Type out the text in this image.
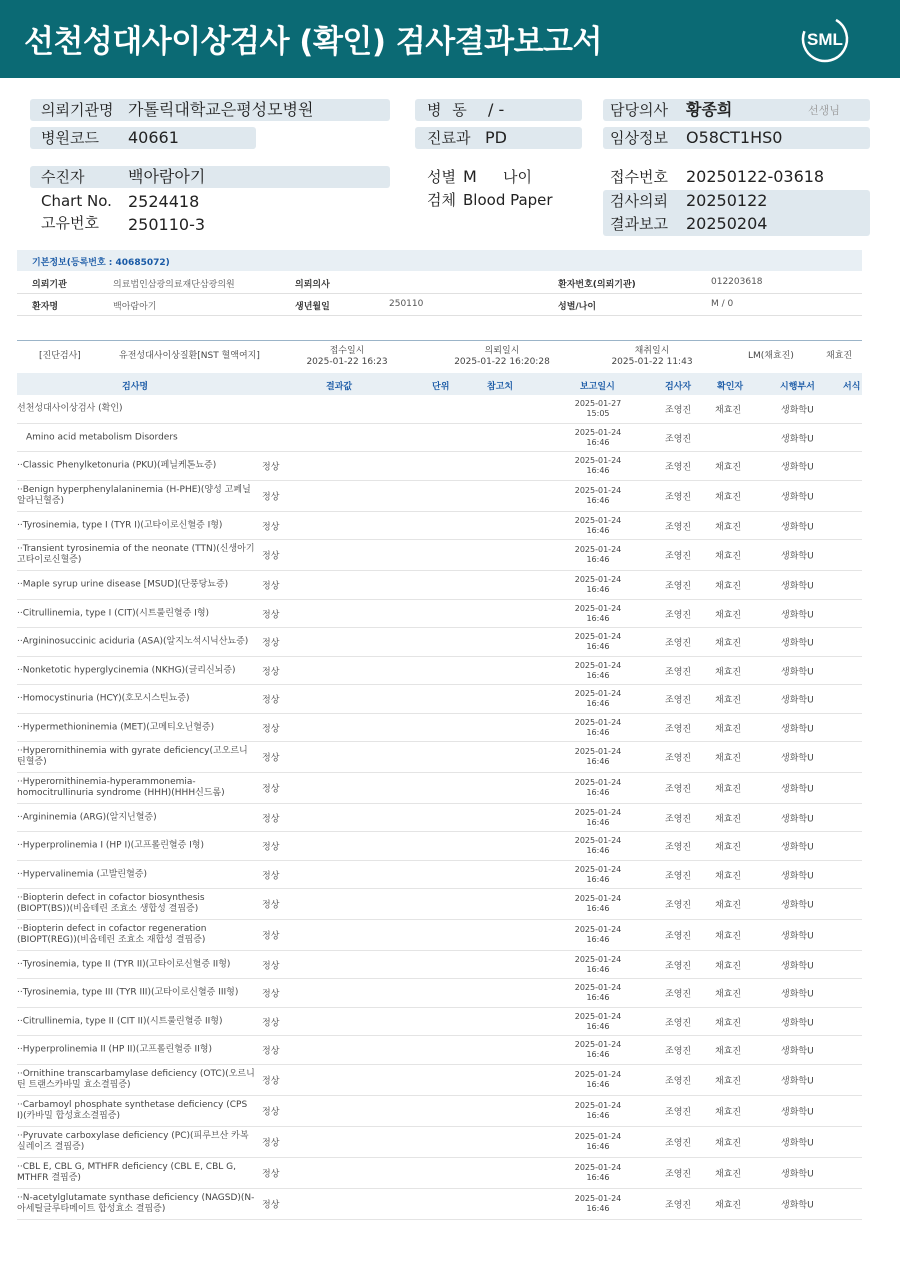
선천성대사이상검사 (확인) 검사결과보고서	SML
의뢰기관명 가톨릭대학교은평성모병원
병원코드 40661
병 동 / -
진료과 PD
담당의사 황종희	선생님
임상정보 O58CT1HS0
수진자	백아람아기
Chart No. 2524418
고유번호 250110-3
성별 M 나이
검체 Blood Paper
접수번호 20250122-03618
검사의뢰 20250122
결과보고 20250204
기본정보(등록번호 : 40685072)
의뢰기관	의료법인삼광의료재단삼광의원	의뢰의사	환자번호(의뢰기관)	012203618
환자명	백아람아기	생년월일	250110	성별/나이	M / 0
[진단검사]	유전성대사이상질환[NST 혈액여지]	접수일시
2025-01-22 16:23
의뢰일시
2025-01-22 16:20:28
채취일시
2025-01-22 11:43
LM(채효진)	채효진
검사명	결과값	단위	참고치	보고일시	검사자	확인자	시행부서	서식
선천성대사이상검사 (확인)	2025-01-27
15:05	조영진	채효진	생화학U
Amino acid metabolism Disorders	2025-01-24
16:46	조영진	생화학U
··Classic Phenylketonuria (PKU)(페닐케톤뇨증)	정상
2025-01-24
16:46	조영진	채효진	생화학U
··Benign hyperphenylalaninemia (H-PHE)(양성 고페닐알라닌혈증)	정상
2025-01-24
16:46	조영진	채효진	생화학U
··Tyrosinemia, type I (TYR I)(고타이로신혈증 I형)	정상
2025-01-24
16:46	조영진	채효진	생화학U
··Transient tyrosinemia of the neonate (TTN)(신생아기 고타이로신혈증)	정상
2025-01-24
16:46	조영진	채효진	생화학U
··Maple syrup urine disease [MSUD](단풍당뇨증)	정상
2025-01-24
16:46	조영진	채효진	생화학U
··Citrullinemia, type I (CIT)(시트룰린혈증 I형)	정상
2025-01-24
16:46	조영진	채효진	생화학U
··Argininosuccinic aciduria (ASA)(알지노석시닉산뇨증)	정상
2025-01-24
16:46	조영진	채효진	생화학U
··Nonketotic hyperglycinemia (NKHG)(글리신뇌증)	정상
2025-01-24
16:46	조영진	채효진	생화학U
··Homocystinuria (HCY)(호모시스틴뇨증)	정상
2025-01-24
16:46	조영진	채효진	생화학U
··Hypermethioninemia (MET)(고메티오닌혈증)	정상
2025-01-24
16:46	조영진	채효진	생화학U
··Hyperornithinemia with gyrate deficiency(고오르니틴혈증)	정상
2025-01-24
16:46	조영진	채효진	생화학U
··Hyperornithinemia-hyperammonemia-homocitrullinuria syndrome (HHH)(HHH신드롬)	정상
2025-01-24
16:46	조영진	채효진	생화학U
··Argininemia (ARG)(알지닌혈증)	정상
2025-01-24
16:46	조영진	채효진	생화학U
··Hyperprolinemia I (HP I)(고프롤린혈증 I형)	정상
2025-01-24
16:46	조영진	채효진	생화학U
··Hypervalinemia (고발린혈증)	정상
2025-01-24
16:46	조영진	채효진	생화학U
··Biopterin defect in cofactor biosynthesis (BIOPT(BS))(비옵테린 조효소 생합성 결핍증)	정상
2025-01-24
16:46	조영진	채효진	생화학U
··Biopterin defect in cofactor regeneration (BIOPT(REG))(비옵테린 조효소 재합성 결핍증)	정상
2025-01-24
16:46	조영진	채효진	생화학U
··Tyrosinemia, type II (TYR II)(고타이로신혈증 II형)	정상
2025-01-24
16:46	조영진	채효진	생화학U
··Tyrosinemia, type III (TYR III)(고타이로신혈증 III형)	정상
2025-01-24
16:46	조영진	채효진	생화학U
··Citrullinemia, type II (CIT II)(시트룰린혈증 II형)	정상
2025-01-24
16:46	조영진	채효진	생화학U
··Hyperprolinemia II (HP II)(고프롤린혈증 II형)	정상
2025-01-24
16:46	조영진	채효진	생화학U
··Ornithine transcarbamylase deficiency (OTC)(오르니틴 트랜스카바밀 효소결핍증)	정상
2025-01-24
16:46	조영진	채효진	생화학U
··Carbamoyl phosphate synthetase deficiency (CPS I)(카바밀 합성효소결핍증)	정상
2025-01-24
16:46	조영진	채효진	생화학U
··Pyruvate carboxylase deficiency (PC)(피루브산 카복실레이즈 결핍증)	정상
2025-01-24
16:46	조영진	채효진	생화학U
··CBL E, CBL G, MTHFR deficiency (CBL E, CBL G, MTHFR 결핍증)	정상
2025-01-24
16:46	조영진	채효진	생화학U
··N-acetylglutamate synthase deficiency (NAGSD)(N-아세틸글루타메이트 합성효소 결핍증)	정상
2025-01-24
16:46	조영진	채효진	생화학U
